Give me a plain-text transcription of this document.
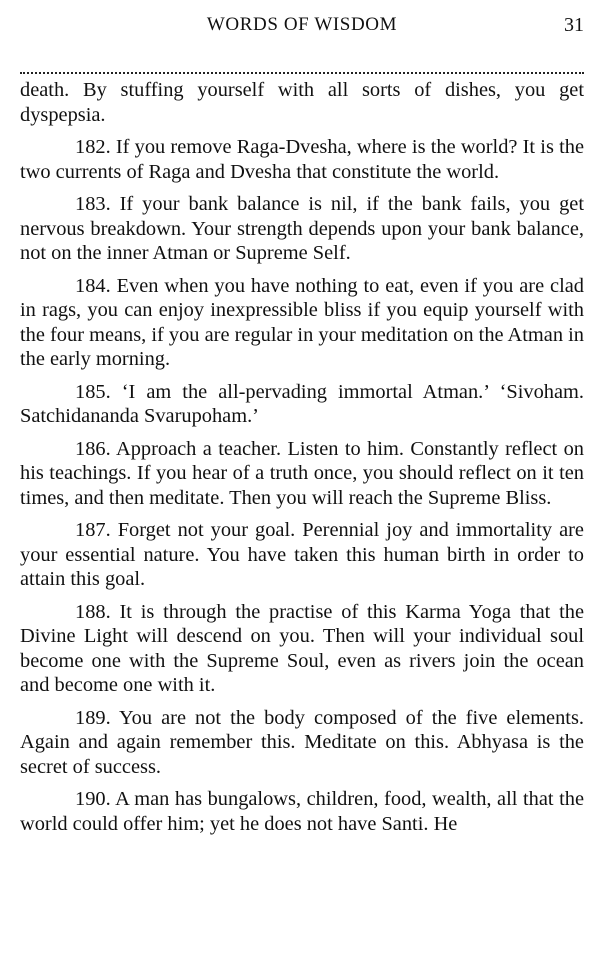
WORDS OF WISDOM	31

death. By stuffing yourself with all sorts of dishes, you get dyspepsia.

182. If you remove Raga-Dvesha, where is the world? It is the two currents of Raga and Dvesha that constitute the world.

183. If your bank balance is nil, if the bank fails, you get nervous breakdown. Your strength depends upon your bank balance, not on the inner Atman or Supreme Self.

184. Even when you have nothing to eat, even if you are clad in rags, you can enjoy inexpressible bliss if you equip yourself with the four means, if you are regular in your meditation on the Atman in the early morning.

185. ‘I am the all-pervading immortal Atman.’ ‘Sivoham. Satchidananda Svarupoham.’

186. Approach a teacher. Listen to him. Constantly reflect on his teachings. If you hear of a truth once, you should reflect on it ten times, and then meditate. Then you will reach the Supreme Bliss.

187. Forget not your goal. Perennial joy and immortality are your essential nature. You have taken this human birth in order to attain this goal.

188. It is through the practise of this Karma Yoga that the Divine Light will descend on you. Then will your individual soul become one with the Supreme Soul, even as rivers join the ocean and become one with it.

189. You are not the body composed of the five elements. Again and again remember this. Meditate on this. Abhyasa is the secret of success.

190. A man has bungalows, children, food, wealth, all that the world could offer him; yet he does not have Santi. He
